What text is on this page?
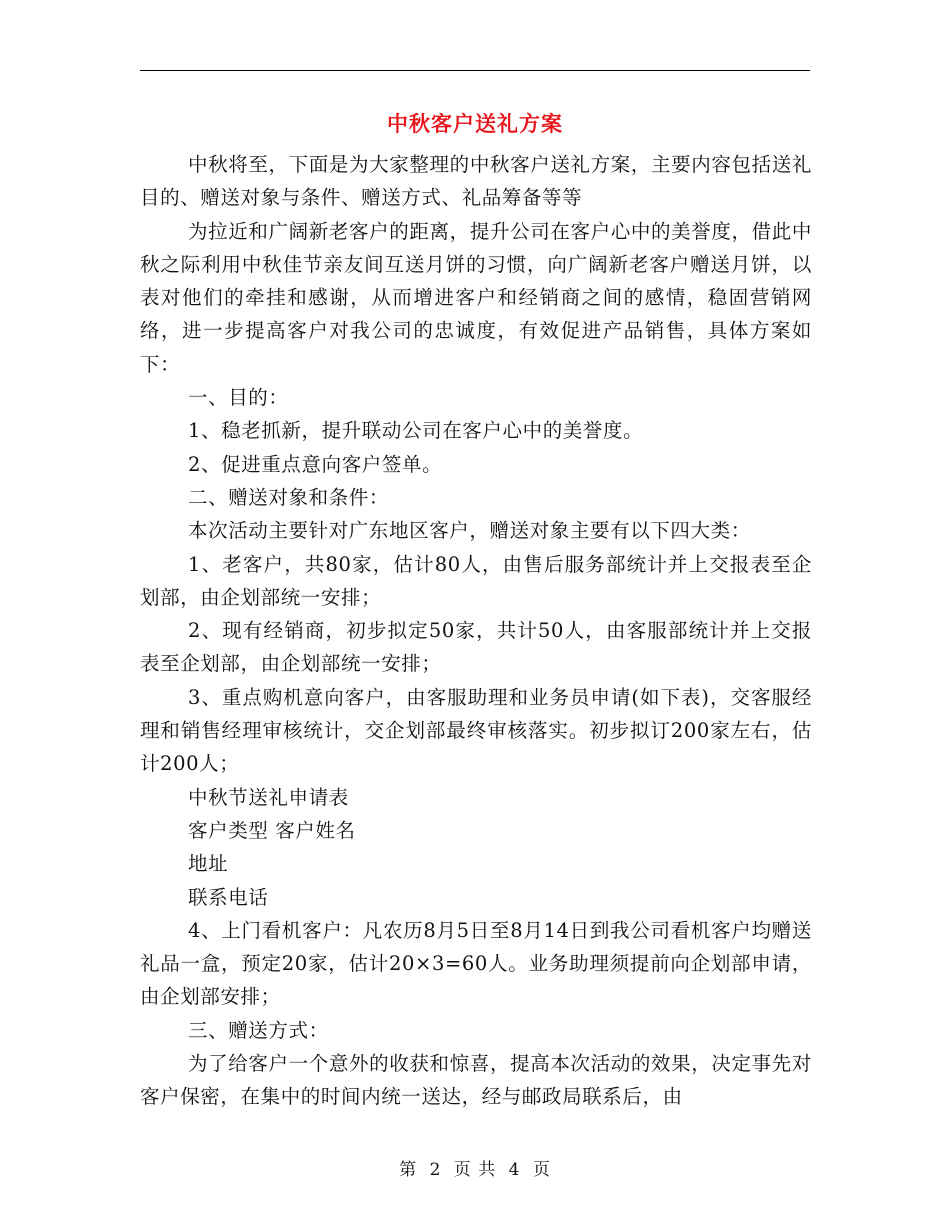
中秋客户送礼方案

中秋将至，下面是为大家整理的中秋客户送礼方案，主要内容包括送礼目的、赠送对象与条件、赠送方式、礼品筹备等等

为拉近和广阔新老客户的距离，提升公司在客户心中的美誉度，借此中秋之际利用中秋佳节亲友间互送月饼的习惯，向广阔新老客户赠送月饼，以表对他们的牵挂和感谢，从而增进客户和经销商之间的感情，稳固营销网络，进一步提高客户对我公司的忠诚度，有效促进产品销售，具体方案如下：

一、目的：

1、稳老抓新，提升联动公司在客户心中的美誉度。

2、促进重点意向客户签单。

二、赠送对象和条件：

本次活动主要针对广东地区客户，赠送对象主要有以下四大类：

1、老客户，共80家，估计80人，由售后服务部统计并上交报表至企划部，由企划部统一安排；

2、现有经销商，初步拟定50家，共计50人，由客服部统计并上交报表至企划部，由企划部统一安排；

3、重点购机意向客户，由客服助理和业务员申请(如下表)，交客服经理和销售经理审核统计，交企划部最终审核落实。初步拟订200家左右，估计200人；

中秋节送礼申请表

客户类型 客户姓名

地址

联系电话

4、上门看机客户：凡农历8月5日至8月14日到我公司看机客户均赠送礼品一盒，预定20家，估计20×3=60人。业务助理须提前向企划部申请，由企划部安排；

三、赠送方式：

为了给客户一个意外的收获和惊喜，提高本次活动的效果，决定事先对客户保密，在集中的时间内统一送达，经与邮政局联系后，由

第 2 页 共 4 页
